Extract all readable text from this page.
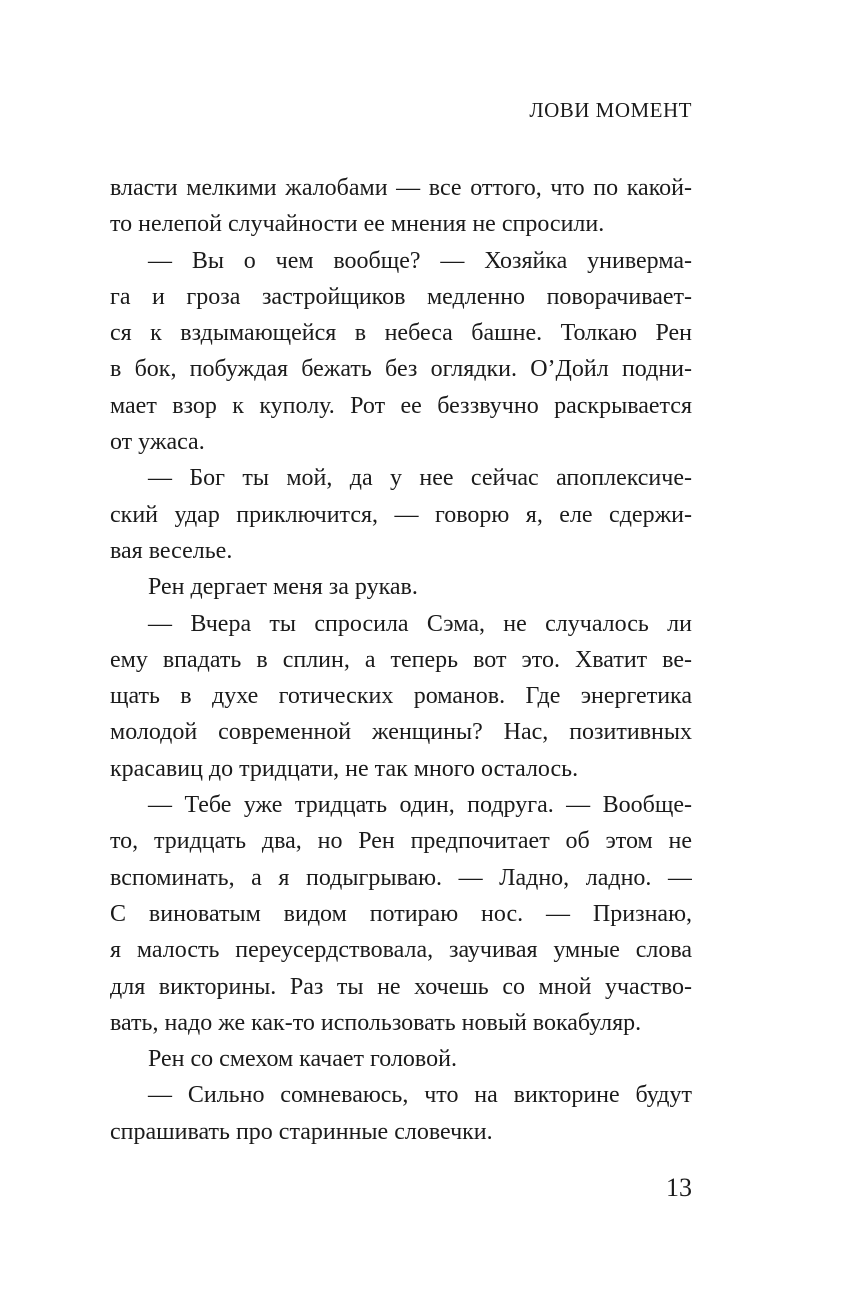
ЛОВИ МОМЕНТ
власти мелкими жалобами — все оттого, что по какой-
то нелепой случайности ее мнения не спросили.
— Вы о чем вообще? — Хозяйка универма-
га и гроза застройщиков медленно поворачивает-
ся к вздымающейся в небеса башне. Толкаю Рен
в бок, побуждая бежать без оглядки. О’Дойл подни-
мает взор к куполу. Рот ее беззвучно раскрывается
от ужаса.
— Бог ты мой, да у нее сейчас апоплексиче-
ский удар приключится, — говорю я, еле сдержи-
вая веселье.
Рен дергает меня за рукав.
— Вчера ты спросила Сэма, не случалось ли
ему впадать в сплин, а теперь вот это. Хватит ве-
щать в духе готических романов. Где энергетика
молодой современной женщины? Нас, позитивных
красавиц до тридцати, не так много осталось.
— Тебе уже тридцать один, подруга. — Вообще-
то, тридцать два, но Рен предпочитает об этом не
вспоминать, а я подыгрываю. — Ладно, ладно. —
С виноватым видом потираю нос. — Признаю,
я малость переусердствовала, заучивая умные слова
для викторины. Раз ты не хочешь со мной участво-
вать, надо же как-то использовать новый вокабуляр.
Рен со смехом качает головой.
— Сильно сомневаюсь, что на викторине будут
спрашивать про старинные словечки.
13
